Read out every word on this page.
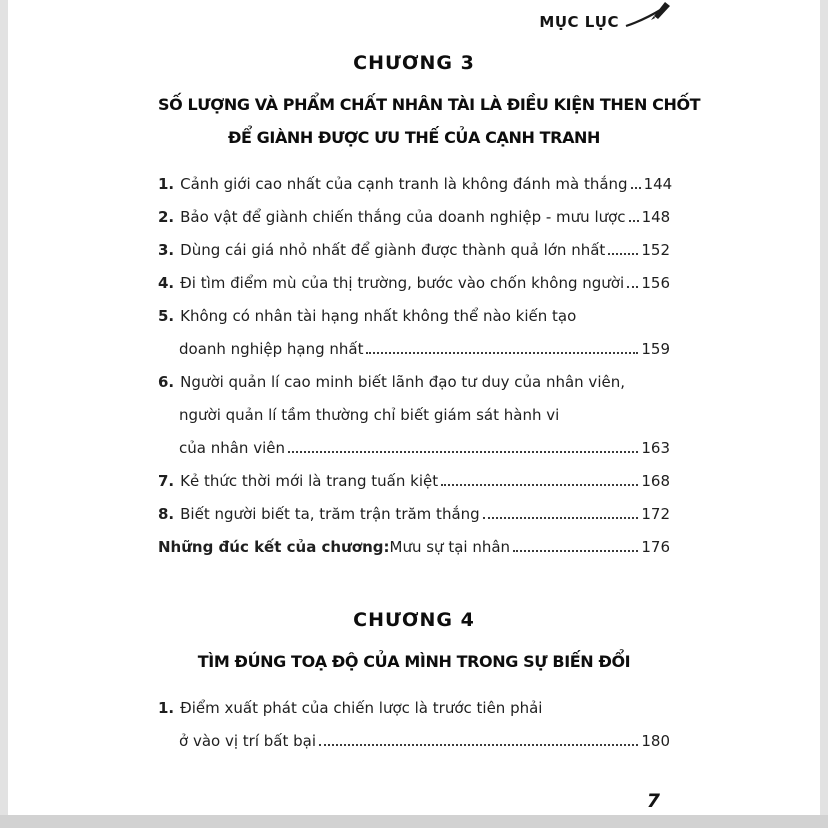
MỤC LỤC
CHƯƠNG 3
SỐ LƯỢNG VÀ PHẨM CHẤT NHÂN TÀI LÀ ĐIỀU KIỆN THEN CHỐT
ĐỂ GIÀNH ĐƯỢC ƯU THẾ CỦA CẠNH TRANH
1. Cảnh giới cao nhất của cạnh tranh là không đánh mà thắng 144
2. Bảo vật để giành chiến thắng của doanh nghiệp - mưu lược 148
3. Dùng cái giá nhỏ nhất để giành được thành quả lớn nhất 152
4. Đi tìm điểm mù của thị trường, bước vào chốn không người 156
5. Không có nhân tài hạng nhất không thể nào kiến tạo
doanh nghiệp hạng nhất	159
6. Người quản lí cao minh biết lãnh đạo tư duy của nhân viên,
người quản lí tầm thường chỉ biết giám sát hành vi
của nhân viên	163
7. Kẻ thức thời mới là trang tuấn kiệt	168
8. Biết người biết ta, trăm trận trăm thắng	172
Những đúc kết của chương: Mưu sự tại nhân	176
CHƯƠNG 4
TÌM ĐÚNG TOẠ ĐỘ CỦA MÌNH TRONG SỰ BIẾN ĐỔI
1. Điểm xuất phát của chiến lược là trước tiên phải
ở vào vị trí bất bại	180
7
